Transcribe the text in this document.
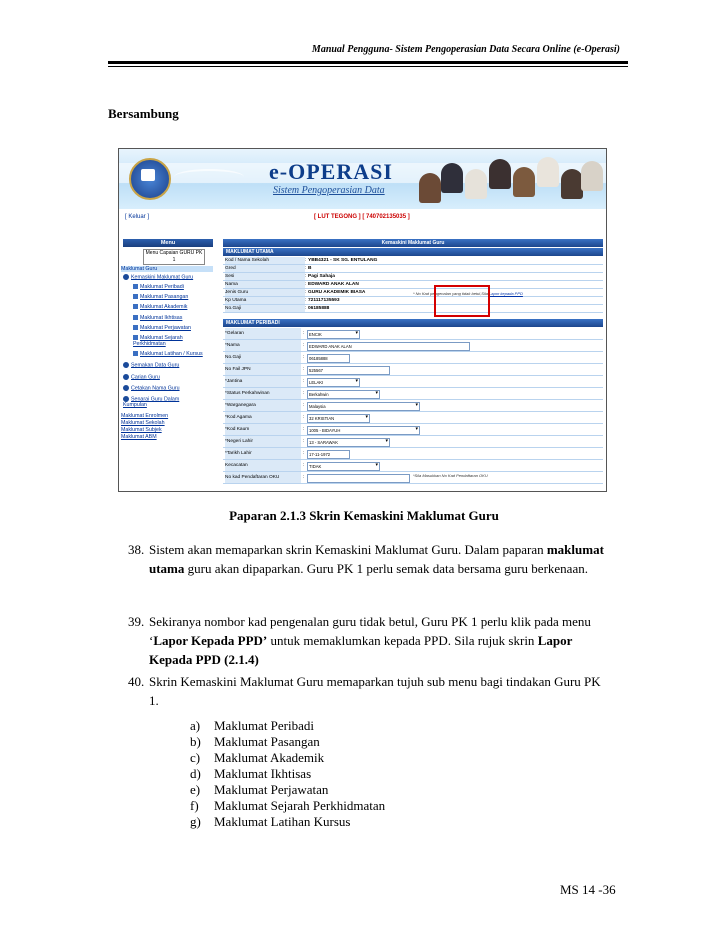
Manual Pengguna- Sistem Pengoperasian Data Secara Online (e-Operasi)
Bersambung
e-OPERASI
Sistem Pengoperasian Data
[ Keluar ]	[ LUT TEGONG ] [ 740702135035 ]
Menu
Menu Capaian GURU PK 1
Maklumat Guru
Kemaskini Maklumat Guru
Maklumat Peribadi
Maklumat Pasangan
Maklumat Akademik
Maklumat Ikhtisas
Maklumat Perjawatan
Maklumat Sejarah Perkhidmatan
Maklumat Latihan / Kursus
Semakan Data Guru
Carian Guru
Cetakan Nama Guru
Senarai Guru Dalam Kumpulan
Maklumat Enrolmen
Maklumat Sekolah
Maklumat Subjek
Maklumat ABM
Kemaskini Maklumat Guru
MAKLUMAT UTAMA
Kod / Nama Sekolah	: YBB4321 - SK SG. ENTULANG
Gred	: B
Sesi	: Pagi Sahaja
Nama	: EDWARD ANAK ALAN
Jenis Guru	: GURU AKADEMIK BIASA
Kp Utama	: 721117135593
No.Gaji	: 06185888
* No Kad pengenalan yang tidak betul,Sila Lapor kepada PPD
MAKLUMAT PERIBADI
*Gelaran	:	ENCIK ▾
*Nama	:	EDWARD ANAK ALAN
No.Gaji	:	06185888
No Fail JPN	:	525567
*Jantina	:	LELAKI ▾
*Status Perkahwinan	:	Berkahwin ▾
*Warganegara	:	Malaysia ▾
*Kod Agama	:	32 KRISTIAN ▾
*Kod Kaum	:	1005 - BIDAYUH ▾
*Negeri Lahir	:	13 - SARAWAK ▾
*Tarikh Lahir	:	17-11-1972
Kecacatan	:	TIDAK ▾
No kad Pendaftaran OKU	:	*Sila Masukkan No Kad Pendaftaran OKU
Paparan 2.1.3 Skrin Kemaskini Maklumat Guru
38. Sistem akan memaparkan skrin Kemaskini Maklumat Guru. Dalam paparan maklumat utama guru akan dipaparkan. Guru PK 1 perlu semak data bersama guru berkenaan.
39. Sekiranya nombor kad pengenalan guru tidak betul, Guru PK 1 perlu klik pada menu ‘Lapor Kepada PPD’ untuk memaklumkan kepada PPD. Sila rujuk skrin Lapor Kepada PPD (2.1.4)
40. Skrin Kemaskini Maklumat Guru memaparkan tujuh sub menu bagi tindakan Guru PK 1.
a) Maklumat Peribadi
b) Maklumat Pasangan
c) Maklumat Akademik
d) Maklumat Ikhtisas
e) Maklumat Perjawatan
f) Maklumat Sejarah Perkhidmatan
g) Maklumat Latihan Kursus
MS 14 -36
